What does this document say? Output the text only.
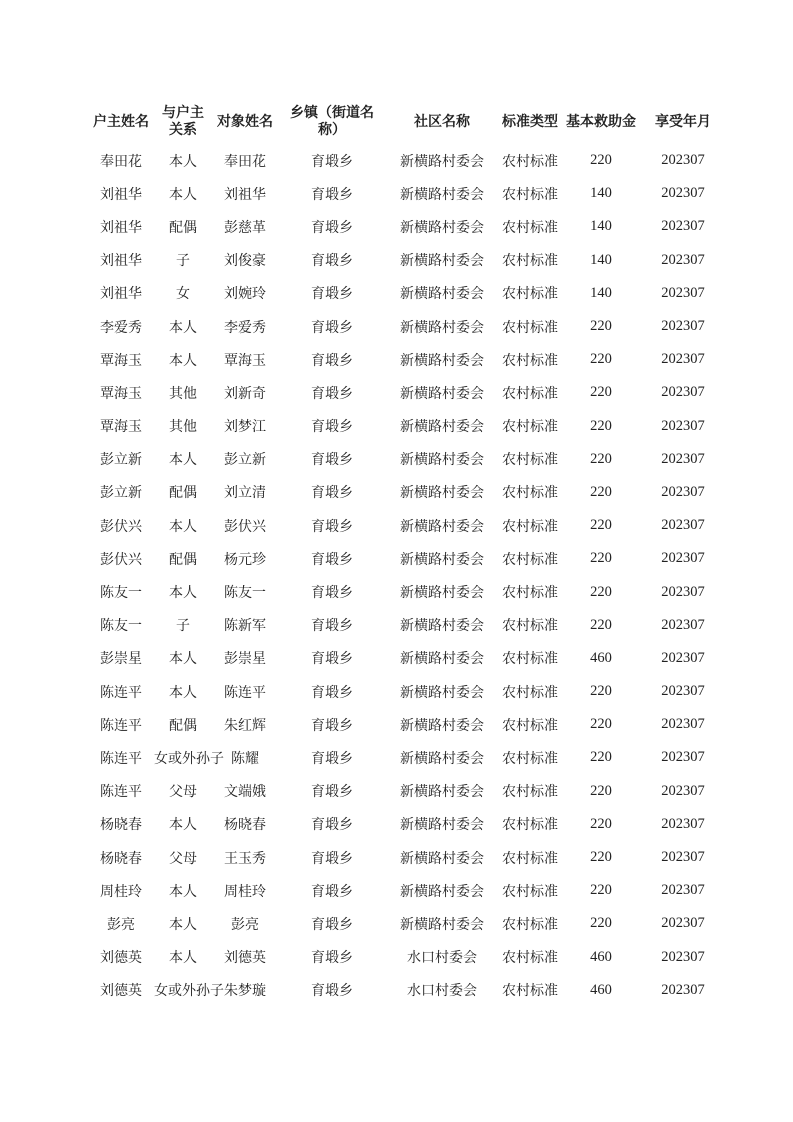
户主姓名	与户主关系	对象姓名	乡镇（街道名称）	社区名称	标准类型	基本救助金	享受年月
奉田花	本人	奉田花	育塅乡	新横路村委会	农村标准	220	202307
刘祖华	本人	刘祖华	育塅乡	新横路村委会	农村标准	140	202307
刘祖华	配偶	彭慈革	育塅乡	新横路村委会	农村标准	140	202307
刘祖华	子	刘俊豪	育塅乡	新横路村委会	农村标准	140	202307
刘祖华	女	刘婉玲	育塅乡	新横路村委会	农村标准	140	202307
李爱秀	本人	李爱秀	育塅乡	新横路村委会	农村标准	220	202307
覃海玉	本人	覃海玉	育塅乡	新横路村委会	农村标准	220	202307
覃海玉	其他	刘新奇	育塅乡	新横路村委会	农村标准	220	202307
覃海玉	其他	刘梦江	育塅乡	新横路村委会	农村标准	220	202307
彭立新	本人	彭立新	育塅乡	新横路村委会	农村标准	220	202307
彭立新	配偶	刘立清	育塅乡	新横路村委会	农村标准	220	202307
彭伏兴	本人	彭伏兴	育塅乡	新横路村委会	农村标准	220	202307
彭伏兴	配偶	杨元珍	育塅乡	新横路村委会	农村标准	220	202307
陈友一	本人	陈友一	育塅乡	新横路村委会	农村标准	220	202307
陈友一	子	陈新军	育塅乡	新横路村委会	农村标准	220	202307
彭崇星	本人	彭崇星	育塅乡	新横路村委会	农村标准	460	202307
陈连平	本人	陈连平	育塅乡	新横路村委会	农村标准	220	202307
陈连平	配偶	朱红辉	育塅乡	新横路村委会	农村标准	220	202307
陈连平	女或外孙子	陈耀	育塅乡	新横路村委会	农村标准	220	202307
陈连平	父母	文端娥	育塅乡	新横路村委会	农村标准	220	202307
杨晓春	本人	杨晓春	育塅乡	新横路村委会	农村标准	220	202307
杨晓春	父母	王玉秀	育塅乡	新横路村委会	农村标准	220	202307
周桂玲	本人	周桂玲	育塅乡	新横路村委会	农村标准	220	202307
彭亮	本人	彭亮	育塅乡	新横路村委会	农村标准	220	202307
刘德英	本人	刘德英	育塅乡	水口村委会	农村标准	460	202307
刘德英	女或外孙子	朱梦璇	育塅乡	水口村委会	农村标准	460	202307
